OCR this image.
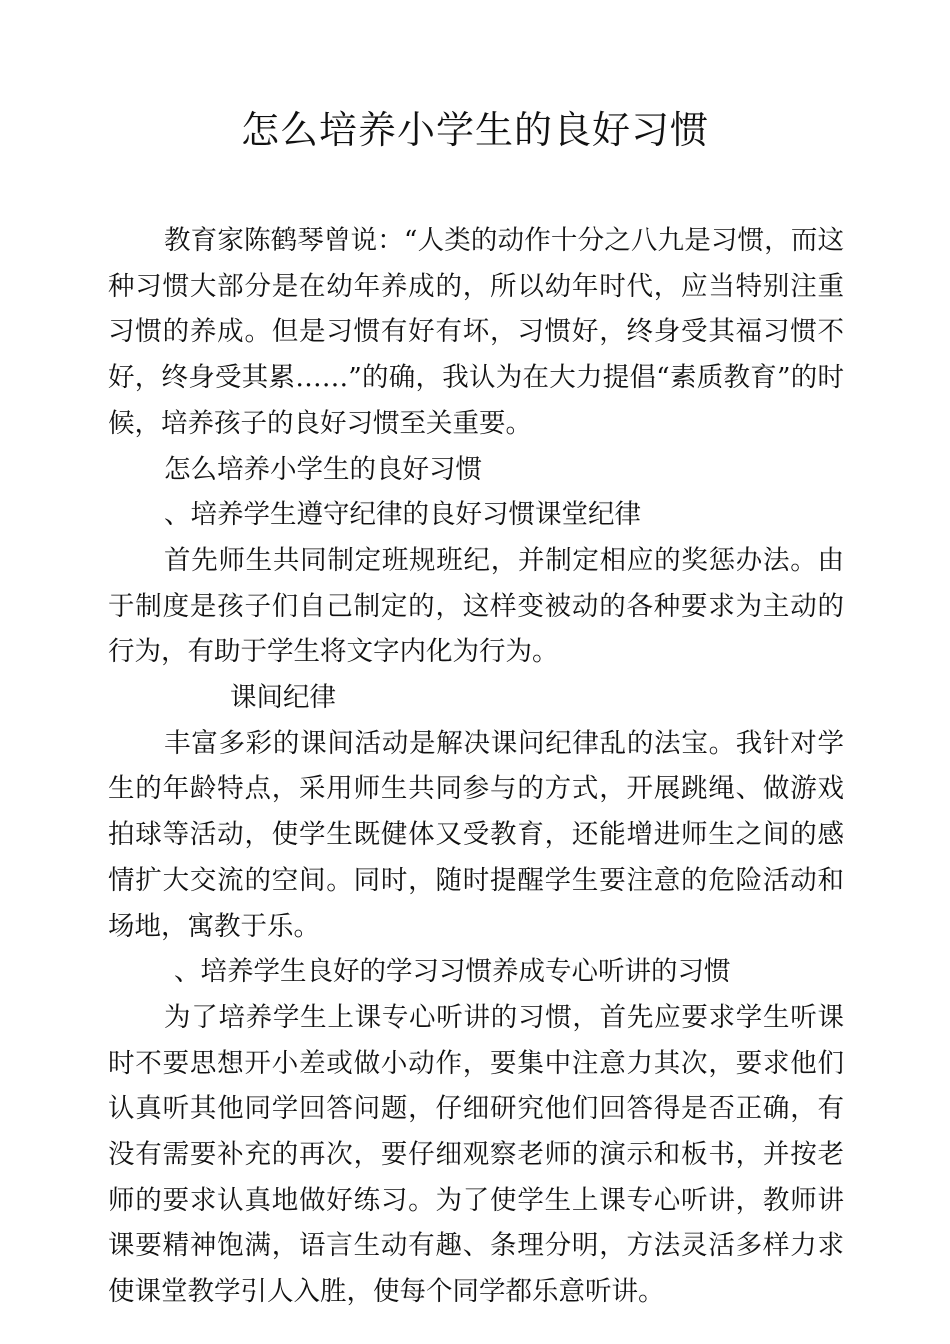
怎么培养小学生的良好习惯

教育家陈鹤琴曾说：“人类的动作十分之八九是习惯，而这种习惯大部分是在幼年养成的，所以幼年时代，应当特别注重习惯的养成。但是习惯有好有坏，习惯好，终身受其福习惯不好，终身受其累……”的确，我认为在大力提倡“素质教育”的时候，培养孩子的良好习惯至关重要。

怎么培养小学生的良好习惯

、培养学生遵守纪律的良好习惯课堂纪律

首先师生共同制定班规班纪，并制定相应的奖惩办法。由于制度是孩子们自己制定的，这样变被动的各种要求为主动的行为，有助于学生将文字内化为行为。

课间纪律

丰富多彩的课间活动是解决课问纪律乱的法宝。我针对学生的年龄特点，采用师生共同参与的方式，开展跳绳、做游戏拍球等活动，使学生既健体又受教育，还能增进师生之间的感情扩大交流的空间。同时，随时提醒学生要注意的危险活动和场地，寓教于乐。

、培养学生良好的学习习惯养成专心听讲的习惯

为了培养学生上课专心听讲的习惯，首先应要求学生听课时不要思想开小差或做小动作，要集中注意力其次，要求他们认真听其他同学回答问题，仔细研究他们回答得是否正确，有没有需要补充的再次，要仔细观察老师的演示和板书，并按老师的要求认真地做好练习。为了使学生上课专心听讲，教师讲课要精神饱满，语言生动有趣、条理分明，方法灵活多样力求使课堂教学引人入胜，使每个同学都乐意听讲。
